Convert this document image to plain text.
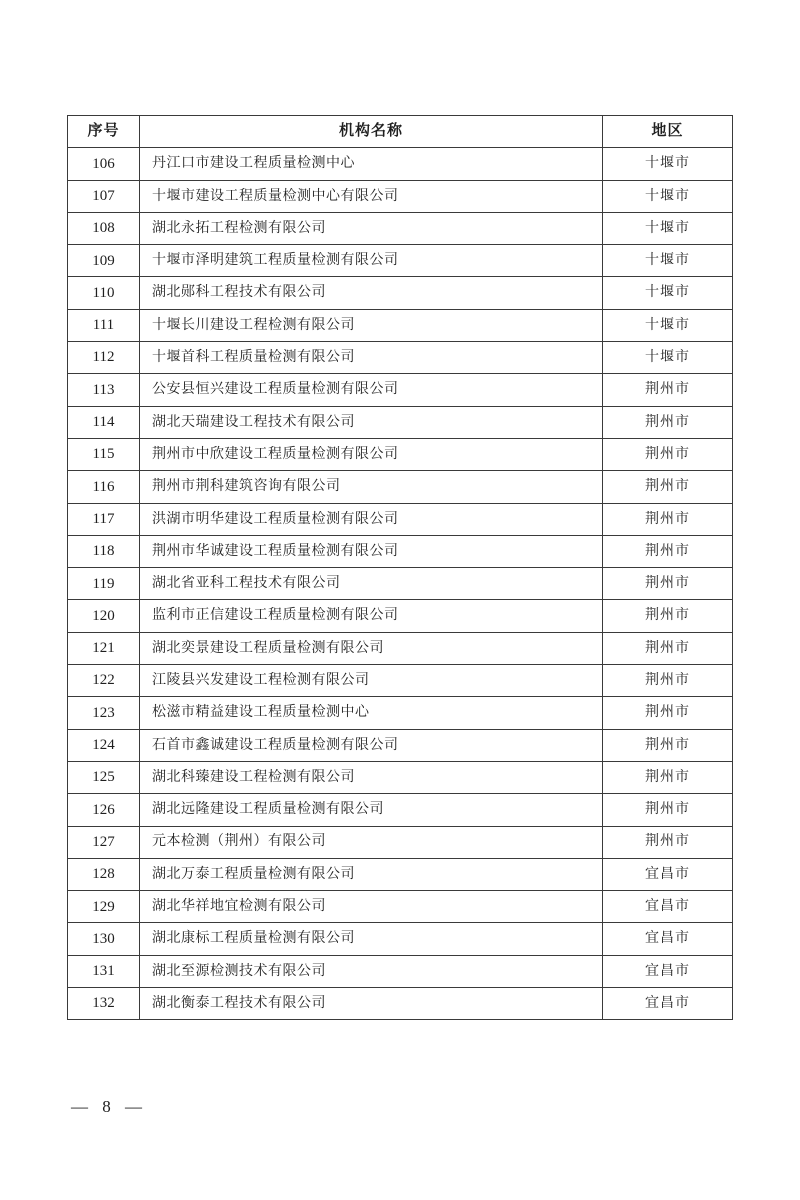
序号	机构名称	地区
106	丹江口市建设工程质量检测中心	十堰市
107	十堰市建设工程质量检测中心有限公司	十堰市
108	湖北永拓工程检测有限公司	十堰市
109	十堰市泽明建筑工程质量检测有限公司	十堰市
110	湖北郧科工程技术有限公司	十堰市
111	十堰长川建设工程检测有限公司	十堰市
112	十堰首科工程质量检测有限公司	十堰市
113	公安县恒兴建设工程质量检测有限公司	荆州市
114	湖北天瑞建设工程技术有限公司	荆州市
115	荆州市中欣建设工程质量检测有限公司	荆州市
116	荆州市荆科建筑咨询有限公司	荆州市
117	洪湖市明华建设工程质量检测有限公司	荆州市
118	荆州市华诚建设工程质量检测有限公司	荆州市
119	湖北省亚科工程技术有限公司	荆州市
120	监利市正信建设工程质量检测有限公司	荆州市
121	湖北奕景建设工程质量检测有限公司	荆州市
122	江陵县兴发建设工程检测有限公司	荆州市
123	松滋市精益建设工程质量检测中心	荆州市
124	石首市鑫诚建设工程质量检测有限公司	荆州市
125	湖北科臻建设工程检测有限公司	荆州市
126	湖北远隆建设工程质量检测有限公司	荆州市
127	元本检测（荆州）有限公司	荆州市
128	湖北万泰工程质量检测有限公司	宜昌市
129	湖北华祥地宜检测有限公司	宜昌市
130	湖北康标工程质量检测有限公司	宜昌市
131	湖北至源检测技术有限公司	宜昌市
132	湖北衡泰工程技术有限公司	宜昌市
— 8 —
